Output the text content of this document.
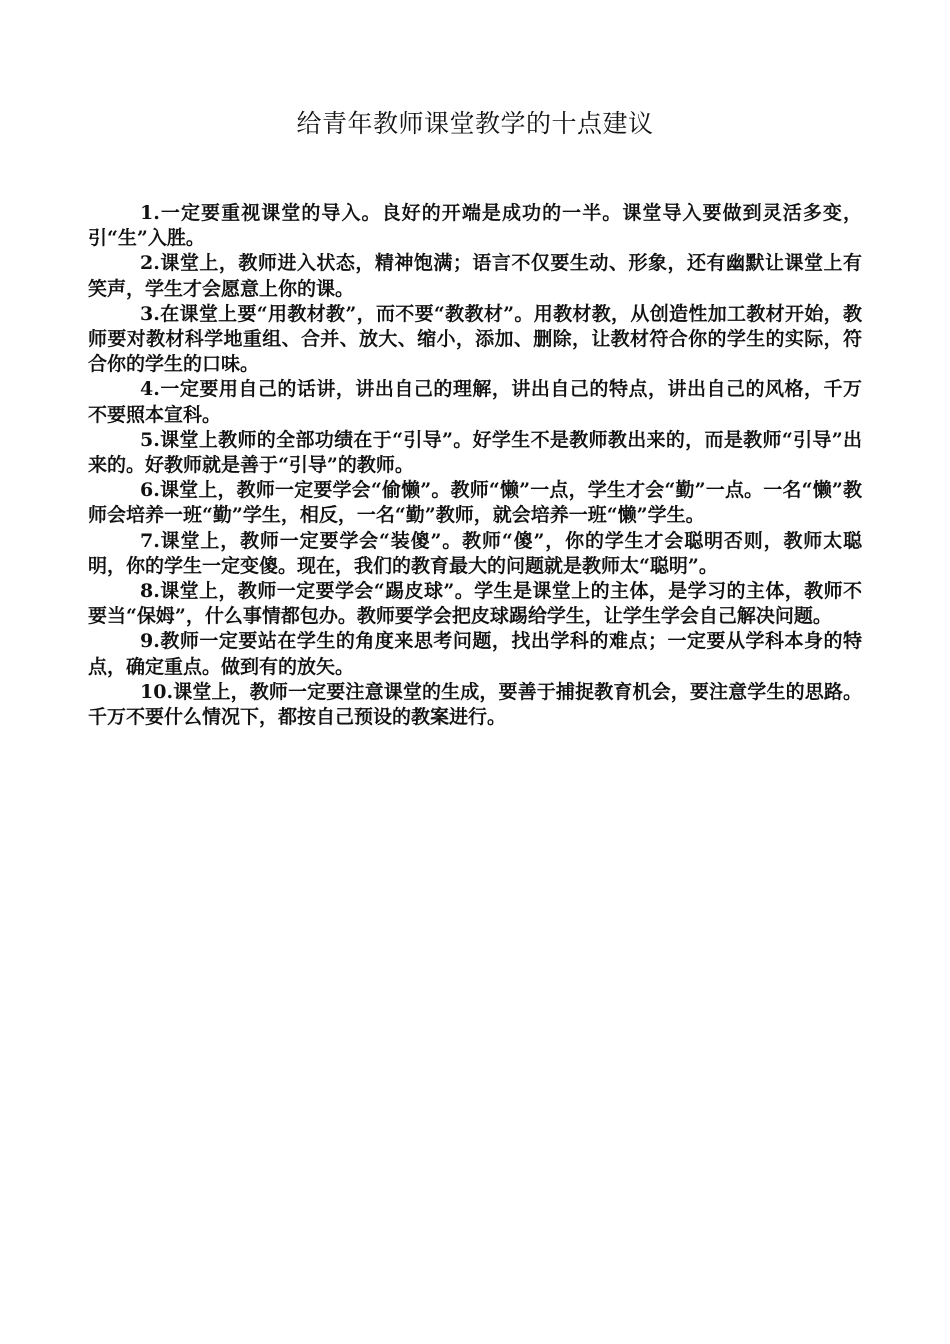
给青年教师课堂教学的十点建议

1.一定要重视课堂的导入。良好的开端是成功的一半。课堂导入要做到灵活多变，引“生”入胜。

2.课堂上，教师进入状态，精神饱满；语言不仅要生动、形象，还有幽默让课堂上有笑声，学生才会愿意上你的课。

3.在课堂上要“用教材教”，而不要“教教材”。用教材教，从创造性加工教材开始，教师要对教材科学地重组、合并、放大、缩小，添加、删除，让教材符合你的学生的实际，符合你的学生的口味。

4.一定要用自己的话讲，讲出自己的理解，讲出自己的特点，讲出自己的风格，千万不要照本宣科。

5.课堂上教师的全部功绩在于“引导”。好学生不是教师教出来的，而是教师“引导”出来的。好教师就是善于“引导”的教师。

6.课堂上，教师一定要学会“偷懒”。教师“懒”一点，学生才会“勤”一点。一名“懒”教师会培养一班“勤”学生，相反，一名“勤”教师，就会培养一班“懒”学生。

7.课堂上，教师一定要学会“装傻”。教师“傻”，你的学生才会聪明否则，教师太聪明，你的学生一定变傻。现在，我们的教育最大的问题就是教师太“聪明”。

8.课堂上，教师一定要学会“踢皮球”。学生是课堂上的主体，是学习的主体，教师不要当“保姆”，什么事情都包办。教师要学会把皮球踢给学生，让学生学会自己解决问题。

9.教师一定要站在学生的角度来思考问题，找出学科的难点；一定要从学科本身的特点，确定重点。做到有的放矢。

10.课堂上，教师一定要注意课堂的生成，要善于捕捉教育机会，要注意学生的思路。千万不要什么情况下，都按自己预设的教案进行。
